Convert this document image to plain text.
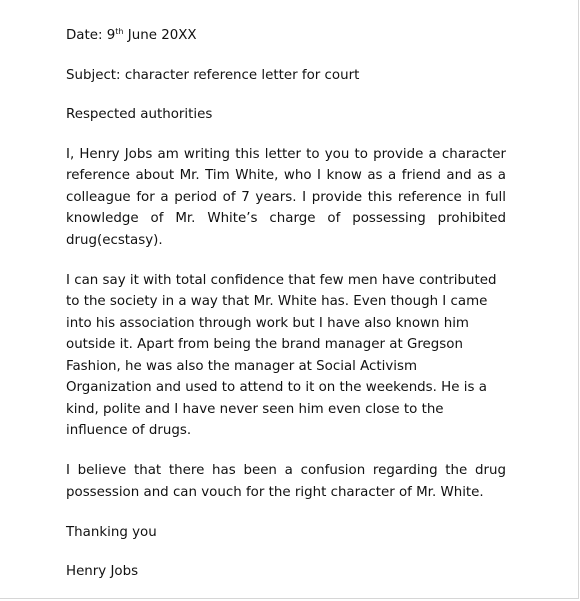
Date: 9th June 20XX
Subject: character reference letter for court
Respected authorities

I, Henry Jobs am writing this letter to you to provide a character reference about Mr. Tim White, who I know as a friend and as a colleague for a period of 7 years. I provide this reference in full knowledge of Mr. White’s charge of possessing prohibited drug(ecstasy).

I can say it with total confidence that few men have contributed to the society in a way that Mr. White has. Even though I came into his association through work but I have also known him outside it. Apart from being the brand manager at Gregson Fashion, he was also the manager at Social Activism Organization and used to attend to it on the weekends. He is a kind, polite and I have never seen him even close to the influence of drugs.

I believe that there has been a confusion regarding the drug possession and can vouch for the right character of Mr. White.

Thanking you
Henry Jobs
